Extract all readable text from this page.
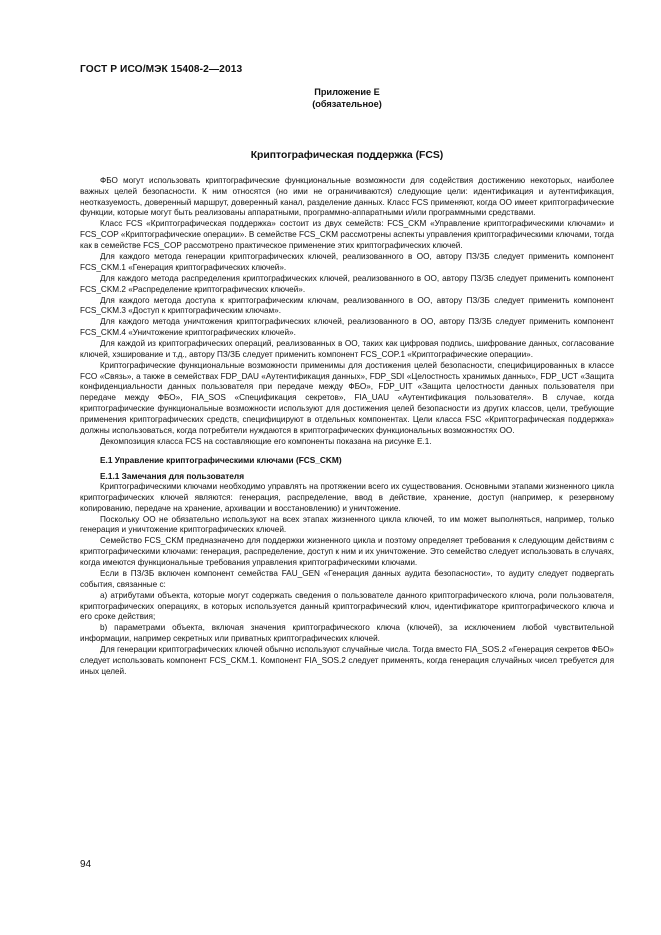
ГОСТ Р ИСО/МЭК 15408-2—2013
Приложение Е
(обязательное)
Криптографическая поддержка (FCS)

ФБО могут использовать криптографические функциональные возможности для содействия достижению некоторых, наиболее важных целей безопасности. К ним относятся (но ими не ограничиваются) следующие цели: идентификация и аутентификация, неотказуемость, доверенный маршрут, доверенный канал, разделение данных. Класс FCS применяют, когда ОО имеет криптографические функции, которые могут быть реализованы аппаратными, программно-аппаратными и/или программными средствами.

Класс FCS «Криптографическая поддержка» состоит из двух семейств: FCS_CKM «Управление криптографическими ключами» и FCS_COP «Криптографические операции». В семействе FCS_CKM рассмотрены аспекты управления криптографическими ключами, тогда как в семействе FCS_COP рассмотрено практическое применение этих криптографических ключей.

Для каждого метода генерации криптографических ключей, реализованного в ОО, автору ПЗ/ЗБ следует применить компонент FCS_CKM.1 «Генерация криптографических ключей».

Для каждого метода распределения криптографических ключей, реализованного в ОО, автору ПЗ/ЗБ следует применить компонент FCS_CKM.2 «Распределение криптографических ключей».

Для каждого метода доступа к криптографическим ключам, реализованного в ОО, автору ПЗ/ЗБ следует применить компонент FCS_CKM.3 «Доступ к криптографическим ключам».

Для каждого метода уничтожения криптографических ключей, реализованного в ОО, автору ПЗ/ЗБ следует применить компонент FCS_CKM.4 «Уничтожение криптографических ключей».

Для каждой из криптографических операций, реализованных в ОО, таких как цифровая подпись, шифрование данных, согласование ключей, хэширование и т.д., автору ПЗ/ЗБ следует применить компонент FCS_COP.1 «Криптографические операции».

Криптографические функциональные возможности применимы для достижения целей безопасности, специфицированных в классе FCO «Связь», а также в семействах FDP_DAU «Аутентификация данных», FDP_SDI «Целостность хранимых данных», FDP_UCT «Защита конфиденциальности данных пользователя при передаче между ФБО», FDP_UIT «Защита целостности данных пользователя при передаче между ФБО», FIA_SOS «Спецификация секретов», FIA_UAU «Аутентификация пользователя». В случае, когда криптографические функциональные возможности используют для достижения целей безопасности из других классов, цели, требующие применения криптографических средств, специфицируют в отдельных компонентах. Цели класса FSC «Криптографическая поддержка» должны использоваться, когда потребители нуждаются в криптографических функциональных возможностях ОО.

Декомпозиция класса FCS на составляющие его компоненты показана на рисунке Е.1.

Е.1 Управление криптографическими ключами (FCS_CKM)
Е.1.1 Замечания для пользователя

Криптографическими ключами необходимо управлять на протяжении всего их существования. Основными этапами жизненного цикла криптографических ключей являются: генерация, распределение, ввод в действие, хранение, доступ (например, к резервному копированию, передаче на хранение, архивации и восстановлению) и уничтожение.

Поскольку ОО не обязательно используют на всех этапах жизненного цикла ключей, то им может выполняться, например, только генерация и уничтожение криптографических ключей.

Семейство FCS_CKM предназначено для поддержки жизненного цикла и поэтому определяет требования к следующим действиям с криптографическими ключами: генерация, распределение, доступ к ним и их уничтожение. Это семейство следует использовать в случаях, когда имеются функциональные требования управления криптографическими ключами.

Если в ПЗ/ЗБ включен компонент семейства FAU_GEN «Генерация данных аудита безопасности», то аудиту следует подвергать события, связанные с:

а) атрибутами объекта, которые могут содержать сведения о пользователе данного криптографического ключа, роли пользователя, криптографических операциях, в которых используется данный криптографический ключ, идентификаторе криптографического ключа и его сроке действия;

b) параметрами объекта, включая значения криптографического ключа (ключей), за исключением любой чувствительной информации, например секретных или приватных криптографических ключей.

Для генерации криптографических ключей обычно используют случайные числа. Тогда вместо FIA_SOS.2 «Генерация секретов ФБО» следует использовать компонент FCS_CKM.1. Компонент FIA_SOS.2 следует применять, когда генерация случайных чисел требуется для иных целей.

94
